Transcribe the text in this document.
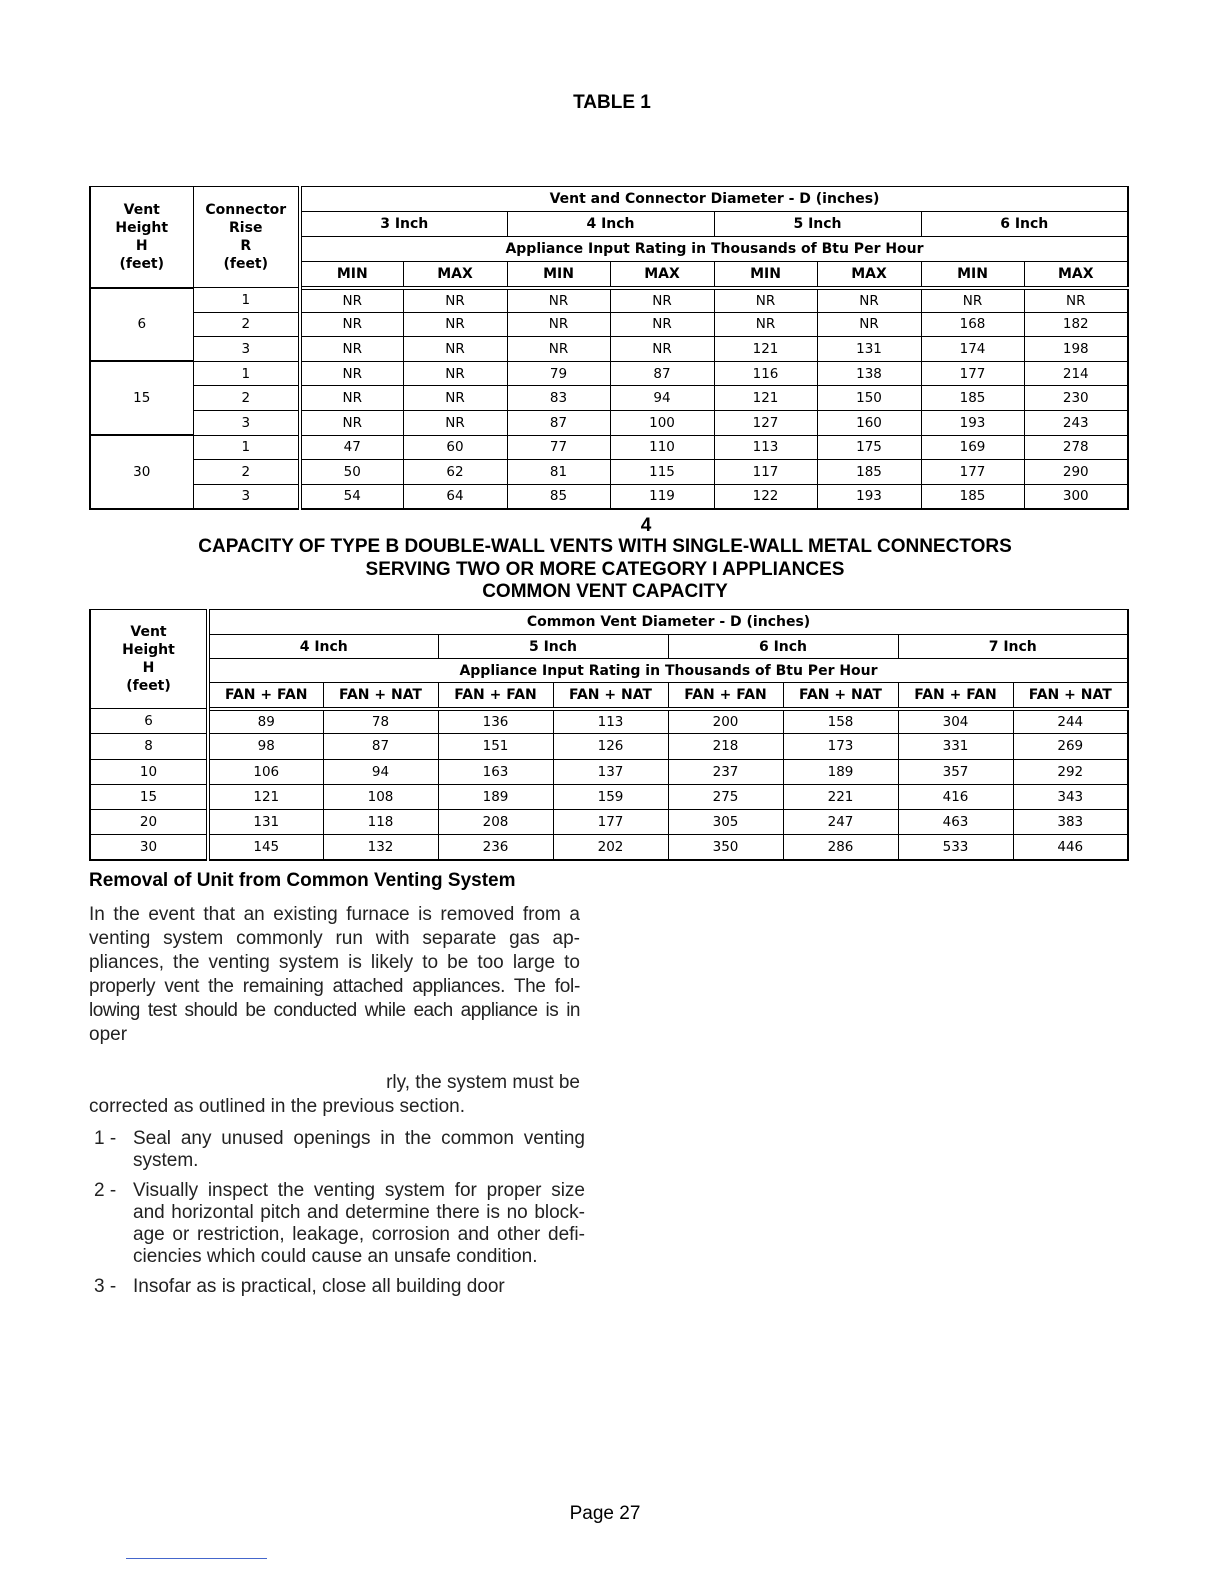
TABLE 1
Vent
Height
H
(feet)	Connector
Rise
R
(feet)	Vent and Connector Diameter - D (inches)							
		3 Inch		4 Inch		5 Inch		6 Inch	
		Appliance Input Rating in Thousands of Btu Per Hour							
		MIN	MAX	MIN	MAX	MIN	MAX	MIN	MAX
6	1	NR	NR	NR	NR	NR	NR	NR	NR
	2	NR	NR	NR	NR	NR	NR	168	182
	3	NR	NR	NR	NR	121	131	174	198
15	1	NR	NR	79	87	116	138	177	214
	2	NR	NR	83	94	121	150	185	230
	3	NR	NR	87	100	127	160	193	243
30	1	47	60	77	110	113	175	169	278
	2	50	62	81	115	117	185	177	290
	3	54	64	85	119	122	193	185	300
4
CAPACITY OF TYPE B DOUBLE-WALL VENTS WITH SINGLE-WALL METAL CONNECTORS
SERVING TWO OR MORE CATEGORY I APPLIANCES
COMMON VENT CAPACITY
Vent
Height
H
(feet)	Common Vent Diameter - D (inches)							
	4 Inch		5 Inch		6 Inch		7 Inch	
	Appliance Input Rating in Thousands of Btu Per Hour							
	FAN + FAN	FAN + NAT	FAN + FAN	FAN + NAT	FAN + FAN	FAN + NAT	FAN + FAN	FAN + NAT
6	89	78	136	113	200	158	304	244
8	98	87	151	126	218	173	331	269
10	106	94	163	137	237	189	357	292
15	121	108	189	159	275	221	416	343
20	131	118	208	177	305	247	463	383
30	145	132	236	202	350	286	533	446
Removal of Unit from Common Venting System
In the event that an existing furnace is removed from a
venting system commonly run with separate gas ap-
pliances, the venting system is likely to be too large to
properly vent the remaining attached appliances. The fol-
lowing test should be conducted while each appliance is in
oper
rly, the system must be
corrected as outlined in the previous section.
1 - Seal any unused openings in the common venting system.
2 - Visually inspect the venting system for proper size and horizontal pitch and determine there is no block-age or restriction, leakage, corrosion and other defi-ciencies which could cause an unsafe condition.
3 - Insofar as is practical, close all building door
Page 27
